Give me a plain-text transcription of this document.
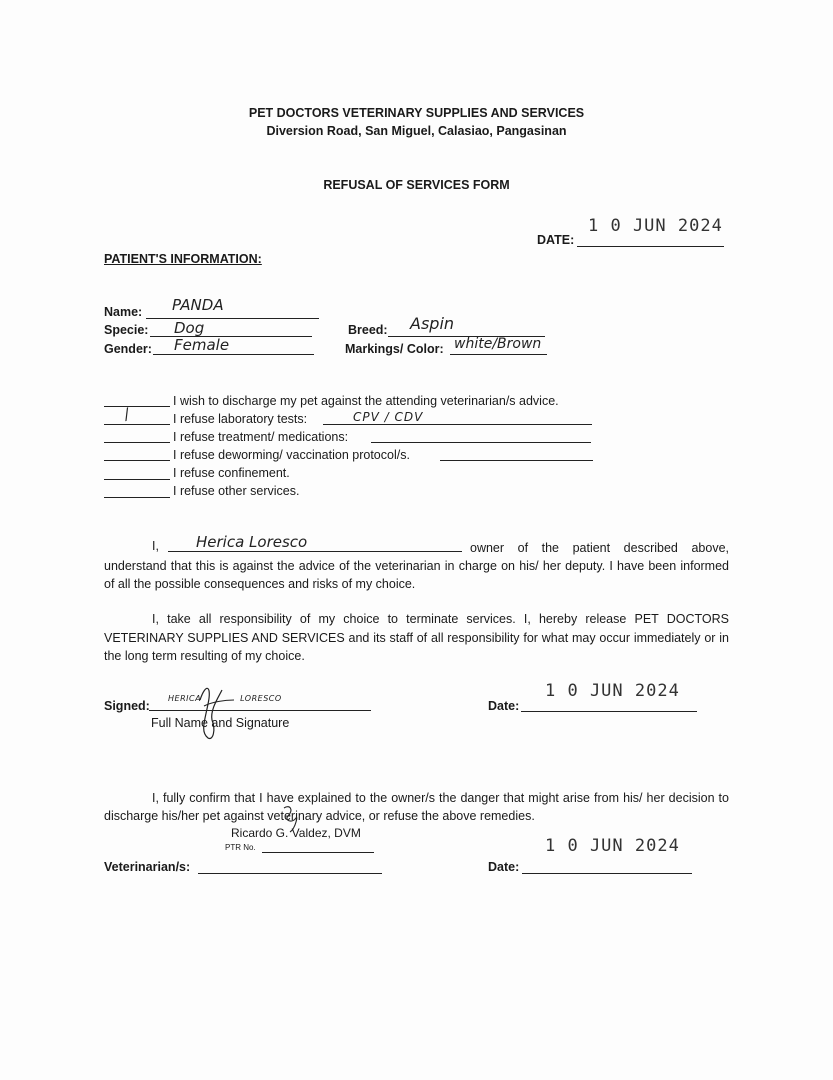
PET DOCTORS VETERINARY SUPPLIES AND SERVICES
Diversion Road, San Miguel, Calasiao, Pangasinan
REFUSAL OF SERVICES FORM
DATE:
1 0 JUN 2024
PATIENT'S INFORMATION:
Name: PANDA
Specie: Dog
Gender: Female
Breed: Aspin
Markings/ Color: white/Brown
I wish to discharge my pet against the attending veterinarian/s advice.
/	I refuse laboratory tests:	CPV / CDV
I refuse treatment/ medications:
I refuse deworming/ vaccination protocol/s.
I refuse confinement.
I refuse other services.
I, Herica Loresco	owner of the patient described above, understand that this is against the advice of the veterinarian in charge on his/ her deputy. I have been informed of all the possible consequences and risks of my choice.
I, take all responsibility of my choice to terminate services. I, hereby release PET DOCTORS VETERINARY SUPPLIES AND SERVICES and its staff of all responsibility for what may occur immediately or in the long term resulting of my choice.
Signed:
HERICA LORESCO
Full Name and Signature
Date:
1 0 JUN 2024
I, fully confirm that I have explained to the owner/s the danger that might arise from his/ her decision to discharge his/her pet against veterinary advice, or refuse the above remedies.
Ricardo G. Valdez, DVM
PTR No.
Veterinarian/s:	Date:
1 0 JUN 2024
